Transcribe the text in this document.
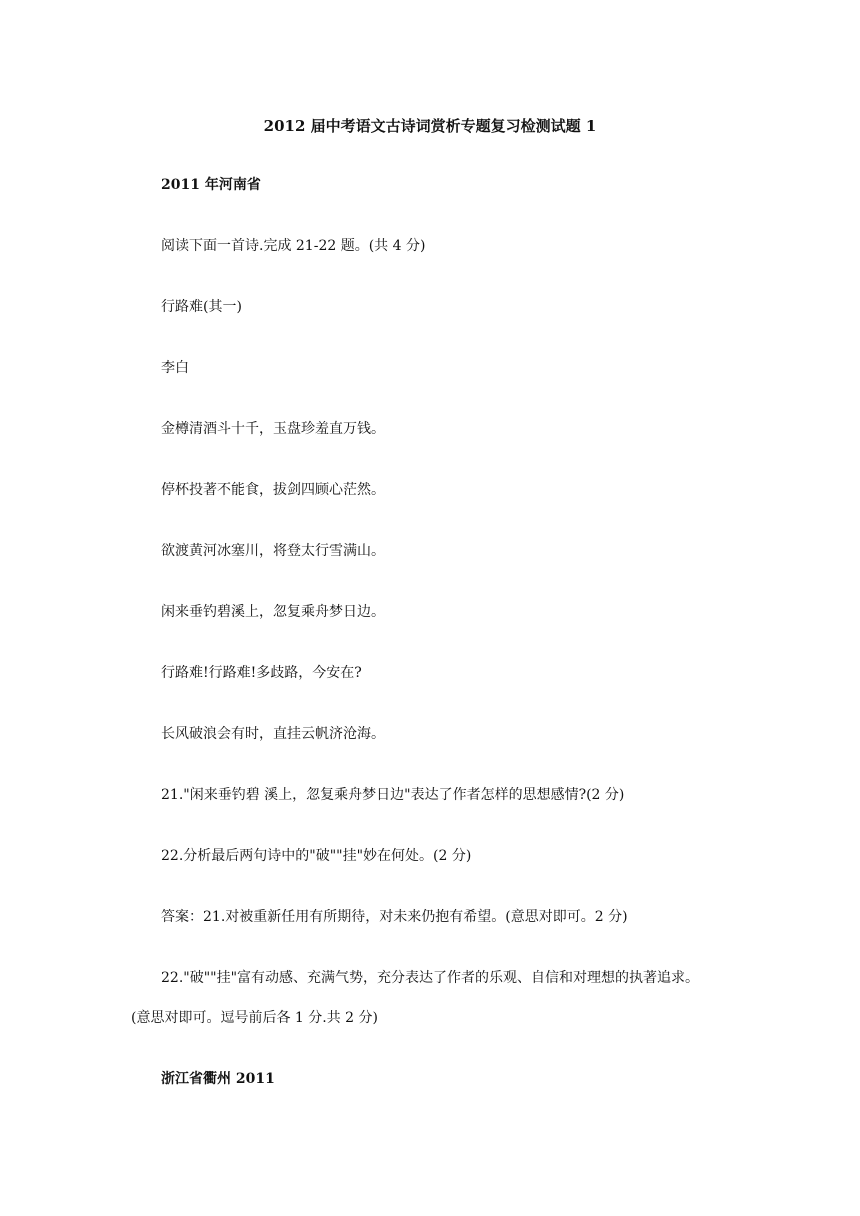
2012 届中考语文古诗词赏析专题复习检测试题 1
2011 年河南省
阅读下面一首诗.完成 21-22 题。(共 4 分)
行路难(其一)
李白
金樽清酒斗十千，玉盘珍羞直万钱。
停杯投著不能食，拔剑四顾心茫然。
欲渡黄河冰塞川，将登太行雪满山。
闲来垂钓碧溪上，忽复乘舟梦日边。
行路难!行路难!多歧路，今安在?
长风破浪会有时，直挂云帆济沧海。
21."闲来垂钓碧 溪上，忽复乘舟梦日边"表达了作者怎样的思想感情?(2 分)
22.分析最后两句诗中的"破""挂"妙在何处。(2 分)
答案：21.对被重新任用有所期待，对未来仍抱有希望。(意思对即可。2 分)
22."破""挂"富有动感、充满气势，充分表达了作者的乐观、自信和对理想的执著追求。
(意思对即可。逗号前后各 1 分.共 2 分)
浙江省衢州 2011
